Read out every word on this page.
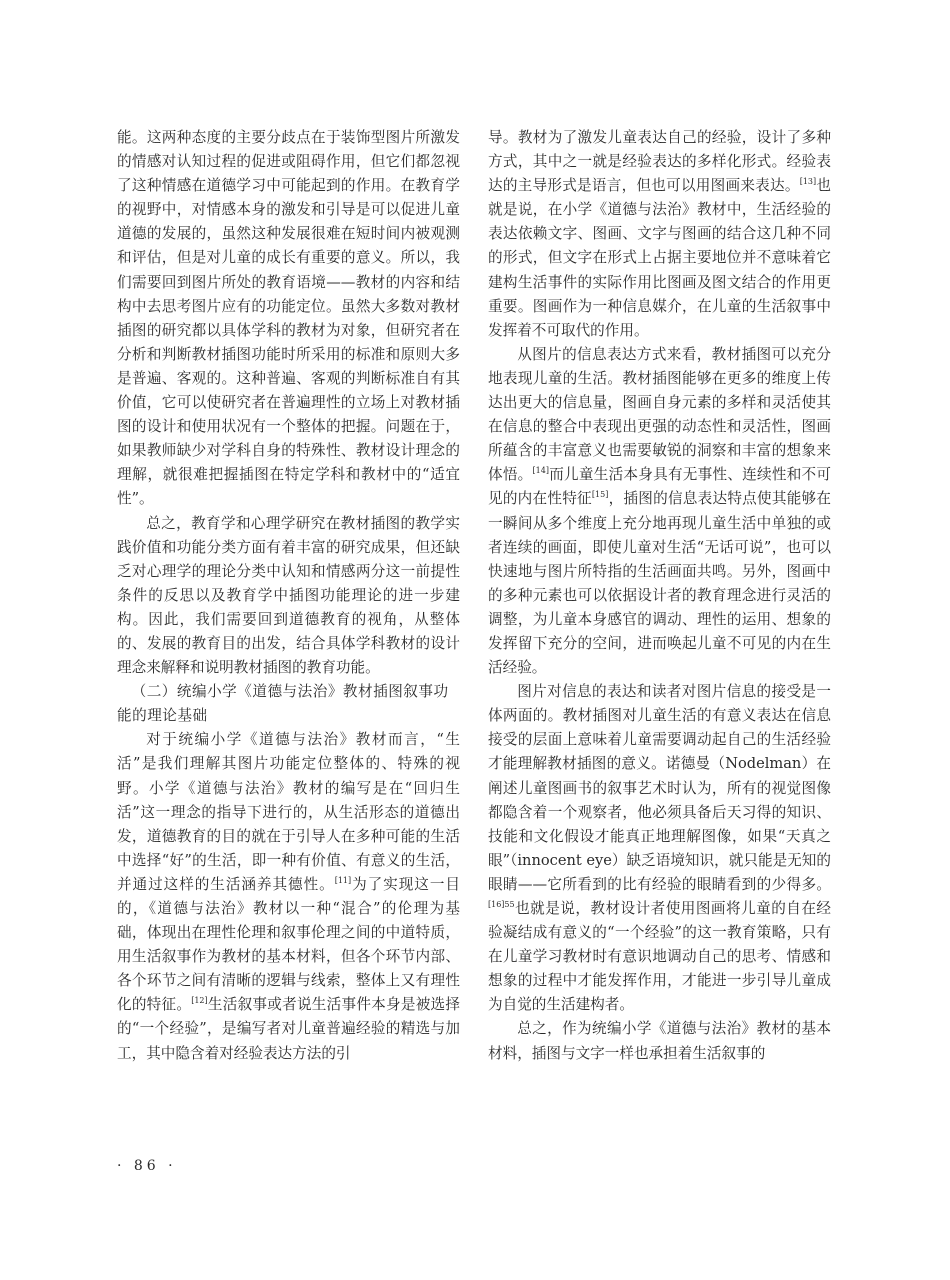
能。这两种态度的主要分歧点在于装饰型图片所激发的情感对认知过程的促进或阻碍作用，但它们都忽视了这种情感在道德学习中可能起到的作用。在教育学的视野中，对情感本身的激发和引导是可以促进儿童道德的发展的，虽然这种发展很难在短时间内被观测和评估，但是对儿童的成长有重要的意义。所以，我们需要回到图片所处的教育语境——教材的内容和结构中去思考图片应有的功能定位。虽然大多数对教材插图的研究都以具体学科的教材为对象，但研究者在分析和判断教材插图功能时所采用的标准和原则大多是普遍、客观的。这种普遍、客观的判断标准自有其价值，它可以使研究者在普遍理性的立场上对教材插图的设计和使用状况有一个整体的把握。问题在于，如果教师缺少对学科自身的特殊性、教材设计理念的理解，就很难把握插图在特定学科和教材中的“适宜性”。

总之，教育学和心理学研究在教材插图的教学实践价值和功能分类方面有着丰富的研究成果，但还缺乏对心理学的理论分类中认知和情感两分这一前提性条件的反思以及教育学中插图功能理论的进一步建构。因此，我们需要回到道德教育的视角，从整体的、发展的教育目的出发，结合具体学科教材的设计理念来解释和说明教材插图的教育功能。

（二）统编小学《道德与法治》教材插图叙事功能的理论基础

对于统编小学《道德与法治》教材而言，“生活”是我们理解其图片功能定位整体的、特殊的视野。小学《道德与法治》教材的编写是在“回归生活”这一理念的指导下进行的，从生活形态的道德出发，道德教育的目的就在于引导人在多种可能的生活中选择“好”的生活，即一种有价值、有意义的生活，并通过这样的生活涵养其德性。[11]为了实现这一目的，《道德与法治》教材以一种“混合”的伦理为基础，体现出在理性伦理和叙事伦理之间的中道特质，用生活叙事作为教材的基本材料，但各个环节内部、各个环节之间有清晰的逻辑与线索，整体上又有理性化的特征。[12]生活叙事或者说生活事件本身是被选择的“一个经验”，是编写者对儿童普遍经验的精选与加工，其中隐含着对经验表达方法的引

导。教材为了激发儿童表达自己的经验，设计了多种方式，其中之一就是经验表达的多样化形式。经验表达的主导形式是语言，但也可以用图画来表达。[13]也就是说，在小学《道德与法治》教材中，生活经验的表达依赖文字、图画、文字与图画的结合这几种不同的形式，但文字在形式上占据主要地位并不意味着它建构生活事件的实际作用比图画及图文结合的作用更重要。图画作为一种信息媒介，在儿童的生活叙事中发挥着不可取代的作用。

从图片的信息表达方式来看，教材插图可以充分地表现儿童的生活。教材插图能够在更多的维度上传达出更大的信息量，图画自身元素的多样和灵活使其在信息的整合中表现出更强的动态性和灵活性，图画所蕴含的丰富意义也需要敏锐的洞察和丰富的想象来体悟。[14]而儿童生活本身具有无事性、连续性和不可见的内在性特征[15]，插图的信息表达特点使其能够在一瞬间从多个维度上充分地再现儿童生活中单独的或者连续的画面，即使儿童对生活“无话可说”，也可以快速地与图片所特指的生活画面共鸣。另外，图画中的多种元素也可以依据设计者的教育理念进行灵活的调整，为儿童本身感官的调动、理性的运用、想象的发挥留下充分的空间，进而唤起儿童不可见的内在生活经验。

图片对信息的表达和读者对图片信息的接受是一体两面的。教材插图对儿童生活的有意义表达在信息接受的层面上意味着儿童需要调动起自己的生活经验才能理解教材插图的意义。诺德曼（Nodelman）在阐述儿童图画书的叙事艺术时认为，所有的视觉图像都隐含着一个观察者，他必须具备后天习得的知识、技能和文化假设才能真正地理解图像，如果“天真之眼”（innocent eye）缺乏语境知识，就只能是无知的眼睛——它所看到的比有经验的眼睛看到的少得多。$^{[16]55}$也就是说，教材设计者使用图画将儿童的自在经验凝结成有意义的“一个经验”的这一教育策略，只有在儿童学习教材时有意识地调动自己的思考、情感和想象的过程中才能发挥作用，才能进一步引导儿童成为自觉的生活建构者。

总之，作为统编小学《道德与法治》教材的基本材料，插图与文字一样也承担着生活叙事的

· 86 ·
